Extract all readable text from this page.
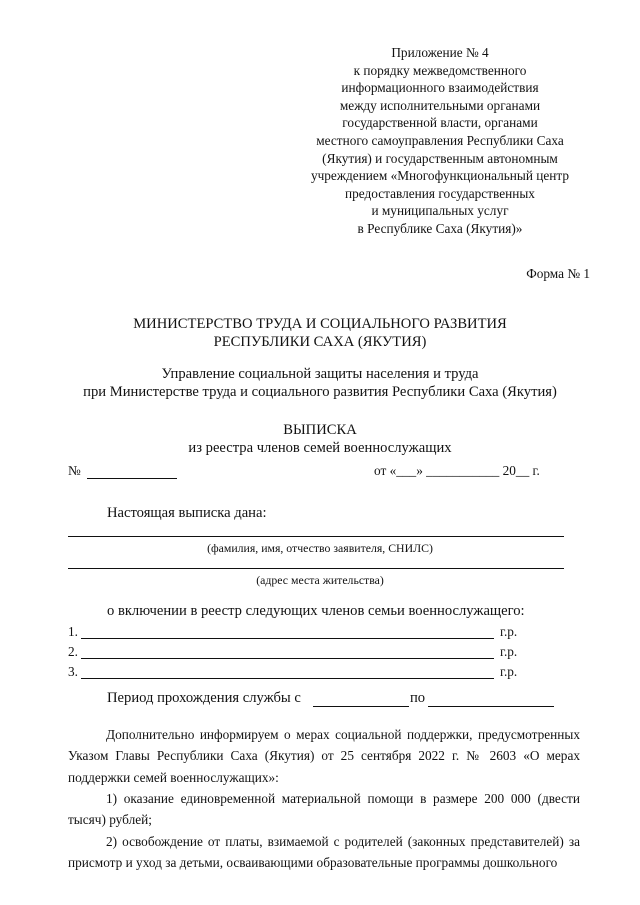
Приложение № 4
к порядку межведомственного
информационного взаимодействия
между исполнительными органами
государственной власти, органами
местного самоуправления Республики Саха
(Якутия) и государственным автономным
учреждением «Многофункциональный центр
предоставления государственных
и муниципальных услуг
в Республике Саха (Якутия)»
Форма № 1
МИНИСТЕРСТВО ТРУДА И СОЦИАЛЬНОГО РАЗВИТИЯ
РЕСПУБЛИКИ САХА (ЯКУТИЯ)
Управление социальной защиты населения и труда
при Министерстве труда и социального развития Республики Саха (Якутия)
ВЫПИСКА
из реестра членов семей военнослужащих
№	от «___» ___________ 20__ г.
Настоящая выписка дана:
(фамилия, имя, отчество заявителя, СНИЛС)
(адрес места жительства)
о включении в реестр следующих членов семьи военнослужащего:
1.	г.р.
2.	г.р.
3.	г.р.
Период прохождения службы с	по
Дополнительно информируем о мерах социальной поддержки, предусмотренных Указом Главы Республики Саха (Якутия) от 25 сентября 2022 г. № 2603 «О мерах поддержки семей военнослужащих»:
1) оказание единовременной материальной помощи в размере 200 000 (двести тысяч) рублей;
2) освобождение от платы, взимаемой с родителей (законных представителей) за присмотр и уход за детьми, осваивающими образовательные программы дошкольного
